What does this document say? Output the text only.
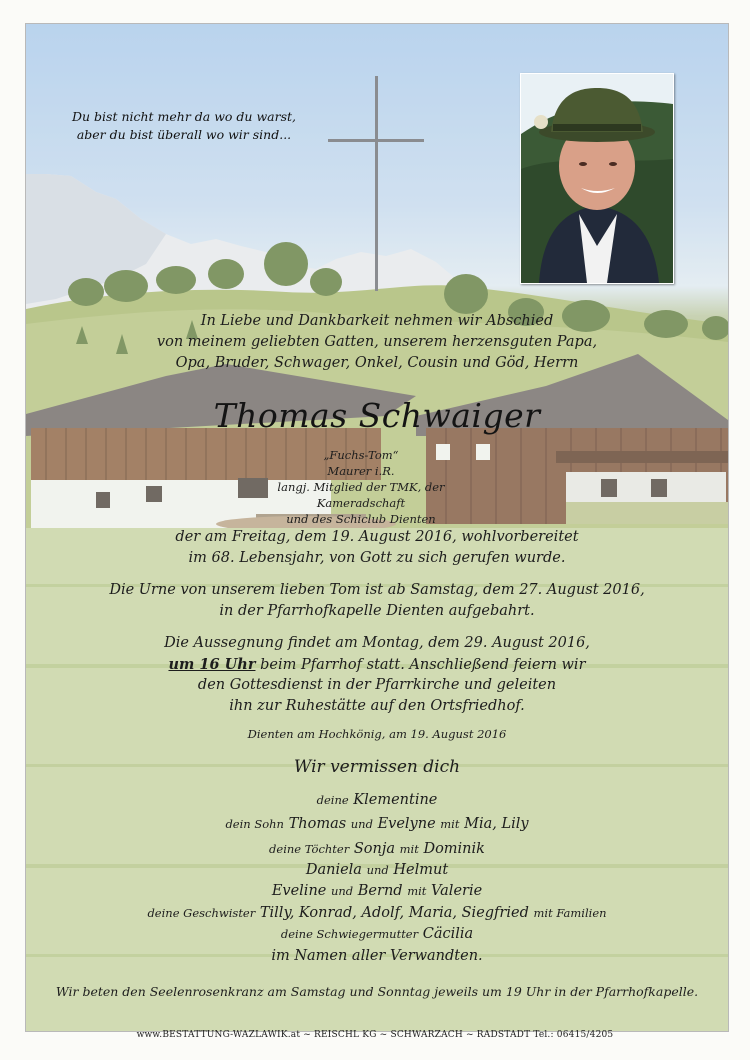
Du bist nicht mehr da wo du warst,
aber du bist überall wo wir sind...
In Liebe und Dankbarkeit nehmen wir Abschied
von meinem geliebten Gatten, unserem herzensguten Papa,
Opa, Bruder, Schwager, Onkel, Cousin und Göd, Herrn
Thomas Schwaiger
„Fuchs-Tom“
Maurer i.R.
langj. Mitglied der TMK, der Kameradschaft
und des Schiclub Dienten
der am Freitag, dem 19. August 2016, wohlvorbereitet
im 68. Lebensjahr, von Gott zu sich gerufen wurde.
Die Urne von unserem lieben Tom ist ab Samstag, dem 27. August 2016,
in der Pfarrhofkapelle Dienten aufgebahrt.
Die Aussegnung findet am Montag, dem 29. August 2016,
um 16 Uhr beim Pfarrhof statt. Anschließend feiern wir
den Gottesdienst in der Pfarrkirche und geleiten
ihn zur Ruhestätte auf den Ortsfriedhof.
Dienten am Hochkönig, am 19. August 2016
Wir vermissen dich
deine Klementine
dein Sohn Thomas und Evelyne mit Mia, Lily
deine Töchter Sonja mit Dominik
Daniela und Helmut
Eveline und Bernd mit Valerie
deine Geschwister Tilly, Konrad, Adolf, Maria, Siegfried mit Familien
deine Schwiegermutter Cäcilia
im Namen aller Verwandten.
Wir beten den Seelenrosenkranz am Samstag und Sonntag jeweils um 19 Uhr in der Pfarrhofkapelle.
www.BESTATTUNG-WAZLAWIK.at ~ REISCHL KG ~ SCHWARZACH ~ RADSTADT Tel.: 06415/4205
